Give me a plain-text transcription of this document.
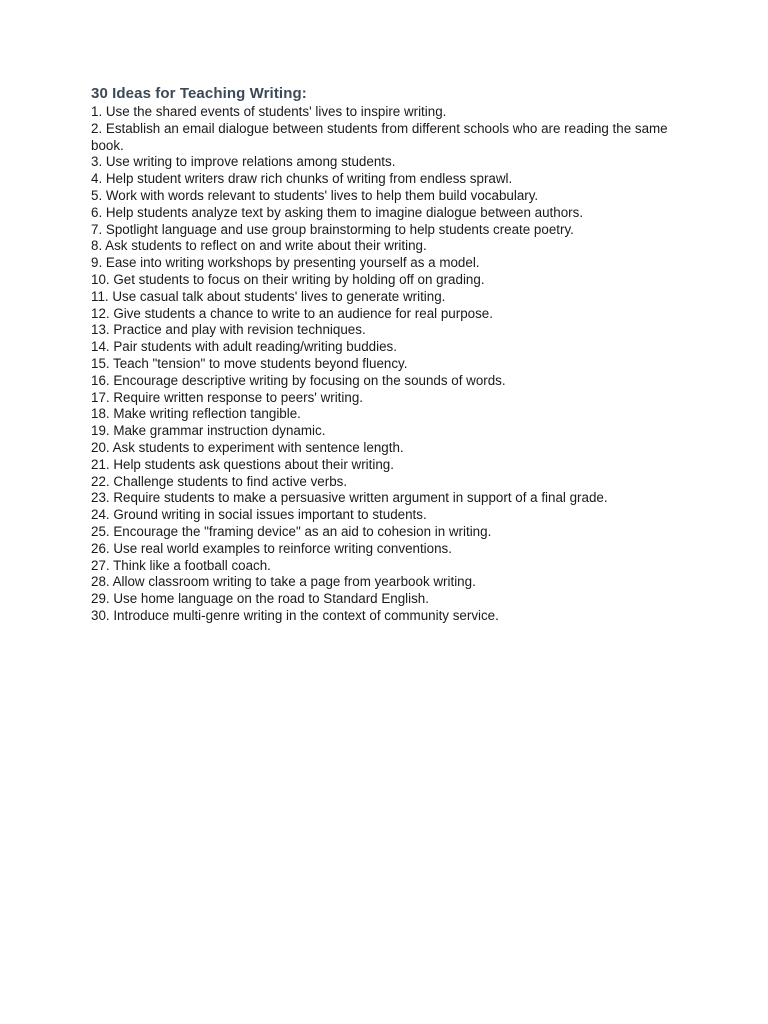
30 Ideas for Teaching Writing:
1. Use the shared events of students' lives to inspire writing.
2. Establish an email dialogue between students from different schools who are reading the same book.
3. Use writing to improve relations among students.
4. Help student writers draw rich chunks of writing from endless sprawl.
5. Work with words relevant to students' lives to help them build vocabulary.
6. Help students analyze text by asking them to imagine dialogue between authors.
7. Spotlight language and use group brainstorming to help students create poetry.
8. Ask students to reflect on and write about their writing.
9. Ease into writing workshops by presenting yourself as a model.
10. Get students to focus on their writing by holding off on grading.
11. Use casual talk about students' lives to generate writing.
12. Give students a chance to write to an audience for real purpose.
13. Practice and play with revision techniques.
14. Pair students with adult reading/writing buddies.
15. Teach "tension" to move students beyond fluency.
16. Encourage descriptive writing by focusing on the sounds of words.
17. Require written response to peers' writing.
18. Make writing reflection tangible.
19. Make grammar instruction dynamic.
20. Ask students to experiment with sentence length.
21. Help students ask questions about their writing.
22. Challenge students to find active verbs.
23. Require students to make a persuasive written argument in support of a final grade.
24. Ground writing in social issues important to students.
25. Encourage the "framing device" as an aid to cohesion in writing.
26. Use real world examples to reinforce writing conventions.
27. Think like a football coach.
28. Allow classroom writing to take a page from yearbook writing.
29. Use home language on the road to Standard English.
30. Introduce multi-genre writing in the context of community service.
